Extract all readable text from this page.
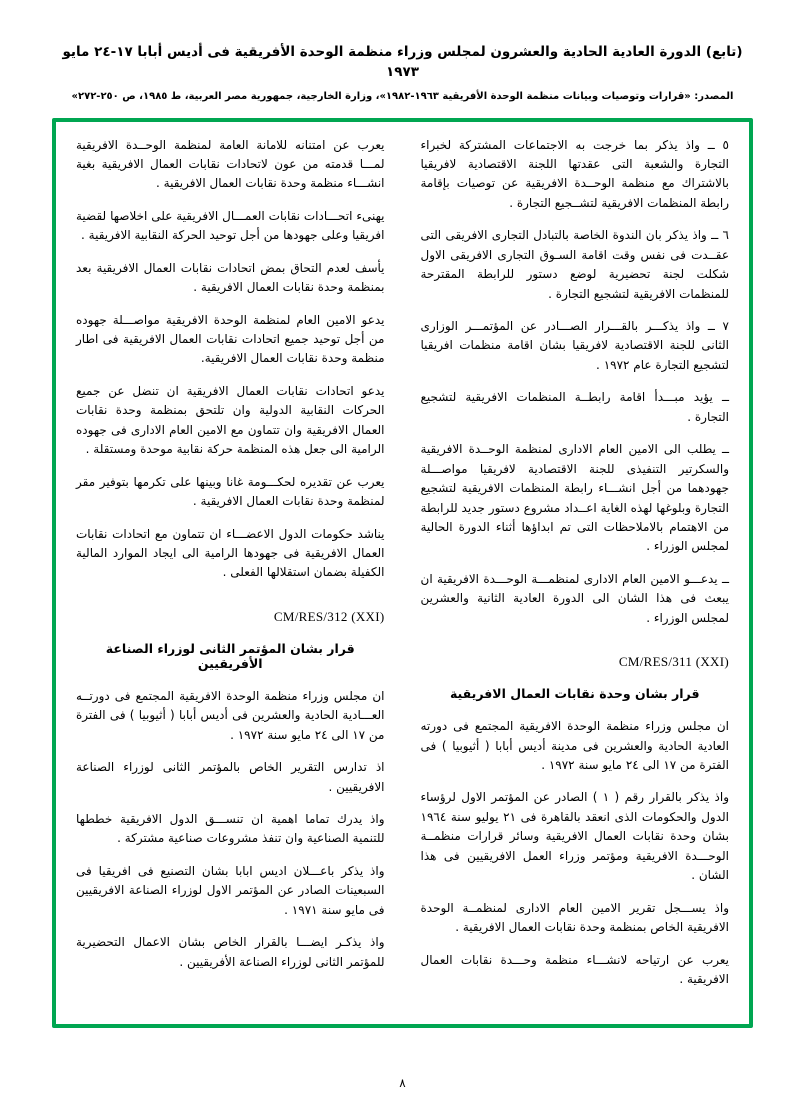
(تابع) الدورة العادية الحادية والعشرون لمجلس وزراء منظمة الوحدة الأفريقية فى أديس أبابا ١٧-٢٤ مايو ١٩٧٣
المصدر: «قرارات وتوصيات وبيانات منظمة الوحدة الأفريقية ١٩٦٣-١٩٨٢»، وزارة الخارجية، جمهورية مصر العربية، ط ١٩٨٥، ص ٢٥٠-٢٧٢»

٥ ــ واذ يذكر بما خرجت به الاجتماعات المشتركة لخبراء التجارة والشعبة التى عقدتها اللجنة الاقتصادية لافريقيا بالاشتراك مع منظمة الوحــدة الافريقية عن توصيات بإقامة رابطة المنظمات الافريقية لتشــجيع التجارة .

٦ ــ واذ يذكر بان الندوة الخاصة بالتبادل التجارى الافريقى التى عقــدت فى نفس وقت اقامة السـوق التجارى الافريقى الاول شكلت لجنة تحضيرية لوضع دستور للرابطة المقترحة للمنظمات الافريقية لتشجيع التجارة .

٧ ــ واذ يذكـــر بالقـــرار الصـــادر عن المؤتمـــر الوزارى الثانى للجنة الاقتصادية لافريقيا بشان اقامة منظمات افريقيا لتشجيع التجارة عام ١٩٧٢ .

ــ يؤيد مبـــدأ اقامة رابطــة المنظمات الافريقية لتشجيع التجارة .

ــ يطلب الى الامين العام الادارى لمنظمة الوحــدة الافريقية والسكرتير التنفيذى للجنة الاقتصادية لافريقيا مواصـــلة جهودهما من أجل انشـــاء رابطة المنظمات الافريقية لتشجيع التجارة وبلوغها لهذه الغاية اعــداد مشروع دستور جديد للرابطة من الاهتمام بالاملاحظات التى تم ابداؤها أثناء الدورة الحالية لمجلس الوزراء .

ــ يدعـــو الامين العام الادارى لمنظمـــة الوحـــدة الافريقية ان يبعث فى هذا الشان الى الدورة العادية الثانية والعشرين لمجلس الوزراء .

CM/RES/311 (XXI)
قرار بشان وحدة نقابات العمال الافريقية

ان مجلس وزراء منظمة الوحدة الافريقية المجتمع فى دورته العادية الحادية والعشرين فى مدينة أديس أبابا ( أثيوبيا ) فى الفترة من ١٧ الى ٢٤ مايو سنة ١٩٧٢ .

واذ يذكر بالقرار رقم ( ١ ) الصادر عن المؤتمر الاول لرؤساء الدول والحكومات الذى انعقد بالقاهرة فى ٢١ يوليو سنة ١٩٦٤ بشان وحدة نقابات العمال الافريقية وسائر قرارات منظمــة الوحـــدة الافريقية ومؤتمر وزراء العمل الافريقيين فى هذا الشان .

واذ يســـجل تقرير الامين العام الادارى لمنظمــة الوحدة الافريقية الخاص بمنظمة وحدة نقابات العمال الافريقية .

يعرب عن ارتياحه لانشـــاء منظمة وحـــدة نقابات العمال الافريقية .

يعرب عن امتنانه للامانة العامة لمنظمة الوحــدة الافريقية لمـــا قدمته من عون لاتحادات نقابات العمال الافريقية بغية انشـــاء منظمة وحدة نقابات العمال الافريقية .

يهنىء اتحـــادات نقابات العمـــال الافريقية على اخلاصها لقضية افريقيا وعلى جهودها من أجل توحيد الحركة النقابية الافريقية .

يأسف لعدم التحاق بمض اتحادات نقابات العمال الافريقية بعد بمنظمة وحدة نقابات العمال الافريقية .

يدعو الامين العام لمنظمة الوحدة الافريقية مواصـــلة جهوده من أجل توحيد جميع اتحادات نقابات العمال الافريقية فى اطار منظمة وحدة نقابات العمال الافريقية.

يدعو اتحادات نقابات العمال الافريقية ان تنضل عن جميع الحركات النقابية الدولية وان تلتحق بمنظمة وحدة نقابات العمال الافريقية وان تتماون مع الامين العام الادارى فى جهوده الرامية الى جعل هذه المنظمة حركة نقابية موحدة ومستقلة .

يعرب عن تقديره لحكـــومة غانا وبينها على تكرمها بتوفير مقر لمنظمة وحدة نقابات العمال الافريقية .

يناشد حكومات الدول الاعضـــاء ان تتماون مع اتحادات نقابات العمال الافريقية فى جهودها الرامية الى ايجاد الموارد المالية الكفيلة بضمان استقلالها الفعلى .

CM/RES/312 (XXI)
قرار بشان المؤتمر الثانى لوزراء الصناعة الأفريقيين

ان مجلس وزراء منظمة الوحدة الافريقية المجتمع فى دورتــه العـــادية الحادية والعشرين فى أديس أبابا ( أثيوبيا ) فى الفترة من ١٧ الى ٢٤ مايو سنة ١٩٧٢ .

اذ تدارس التقرير الخاص بالمؤتمر الثانى لوزراء الصناعة الافريقيين .

واذ يدرك تماما اهمية ان تنســـق الدول الافريقية خططها للتنمية الصناعية وان تنفذ مشروعات صناعية مشتركة .

واذ يذكر باعـــلان اديس ابابا بشان التصنيع فى افريقيا فى السبعينات الصادر عن المؤتمر الاول لوزراء الصناعة الافريقيين فى مايو سنة ١٩٧١ .

واذ يذكـر ايضـــا بالقرار الخاص بشان الاعمال التحضيرية للمؤتمر الثانى لوزراء الصناعة الأفريقيين .

٨
